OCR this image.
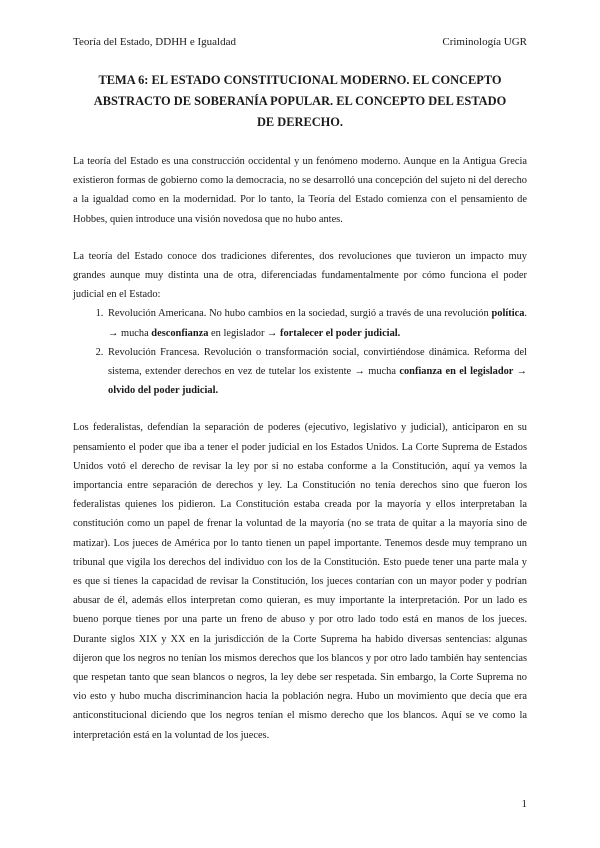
Teoría del Estado, DDHH e Igualdad	Criminología UGR
TEMA 6: EL ESTADO CONSTITUCIONAL MODERNO. EL CONCEPTO ABSTRACTO DE SOBERANÍA POPULAR. EL CONCEPTO DEL ESTADO DE DERECHO.

La teoría del Estado es una construcción occidental y un fenómeno moderno. Aunque en la Antigua Grecia existieron formas de gobierno como la democracia, no se desarrolló una concepción del sujeto ni del derecho a la igualdad como en la modernidad. Por lo tanto, la Teoría del Estado comienza con el pensamiento de Hobbes, quien introduce una visión novedosa que no hubo antes.

La teoría del Estado conoce dos tradiciones diferentes, dos revoluciones que tuvieron un impacto muy grandes aunque muy distinta una de otra, diferenciadas fundamentalmente por cómo funciona el poder judicial en el Estado:

1. Revolución Americana. No hubo cambios en la sociedad, surgió a través de una revolución política. → mucha desconfianza en legislador → fortalecer el poder judicial.
2. Revolución Francesa. Revolución o transformación social, convirtiéndose dinámica. Reforma del sistema, extender derechos en vez de tutelar los existente → mucha confianza en el legislador → olvido del poder judicial.

Los federalistas, defendían la separación de poderes (ejecutivo, legislativo y judicial), anticiparon en su pensamiento el poder que iba a tener el poder judicial en los Estados Unidos. La Corte Suprema de Estados Unidos votó el derecho de revisar la ley por si no estaba conforme a la Constitución, aquí ya vemos la importancia entre separación de derechos y ley. La Constitución no tenía derechos sino que fueron los federalistas quienes los pidieron. La Constitución estaba creada por la mayoría y ellos interpretaban la constitución como un papel de frenar la voluntad de la mayoría (no se trata de quitar a la mayoría sino de matizar). Los jueces de América por lo tanto tienen un papel importante. Tenemos desde muy temprano un tribunal que vigila los derechos del individuo con los de la Constitución. Esto puede tener una parte mala y es que si tienes la capacidad de revisar la Constitución, los jueces contarían con un mayor poder y podrían abusar de él, además ellos interpretan como quieran, es muy importante la interpretación. Por un lado es bueno porque tienes por una parte un freno de abuso y por otro lado todo está en manos de los jueces. Durante siglos XIX y XX en la jurisdicción de la Corte Suprema ha habido diversas sentencias: algunas dijeron que los negros no tenían los mismos derechos que los blancos y por otro lado también hay sentencias que respetan tanto que sean blancos o negros, la ley debe ser respetada. Sin embargo, la Corte Suprema no vio esto y hubo mucha discriminancion hacia la población negra. Hubo un movimiento que decía que era anticonstitucional diciendo que los negros tenían el mismo derecho que los blancos. Aquí se ve como la interpretación está en la voluntad de los jueces.

1
